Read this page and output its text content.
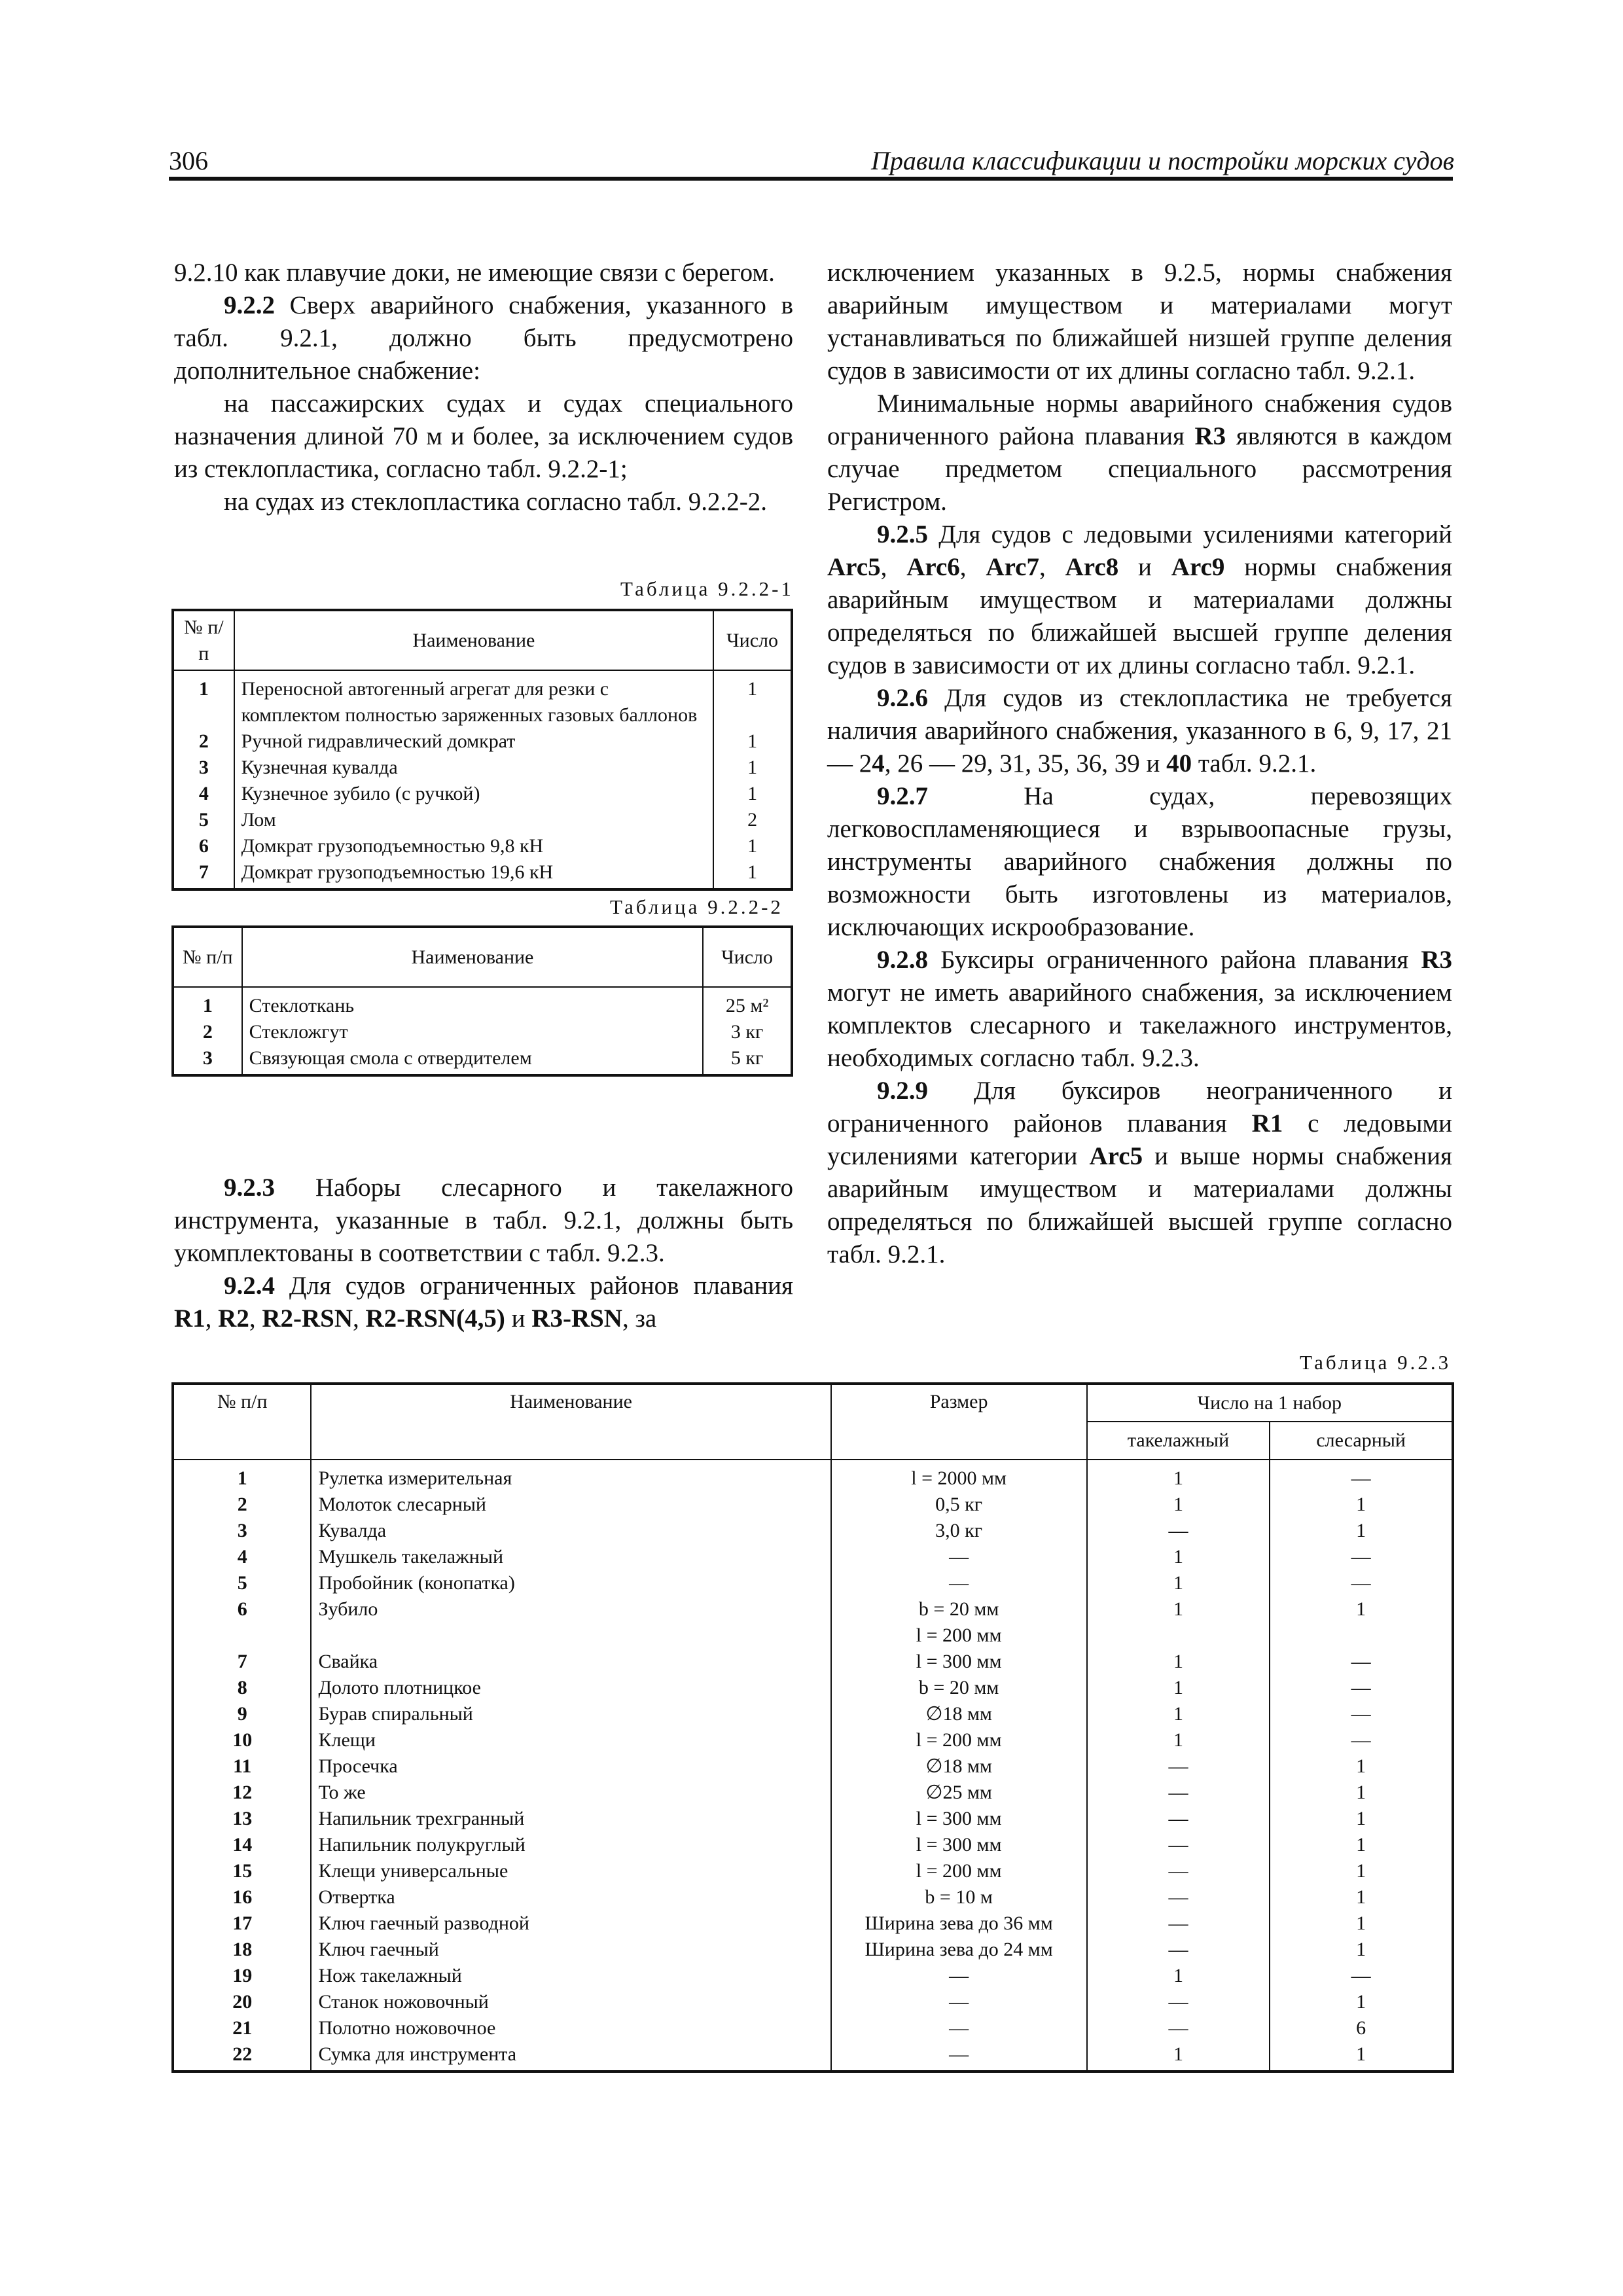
306	Правила классификации и постройки морских судов

9.2.10 как плавучие доки, не имеющие связи с берегом.

9.2.2 Сверх аварийного снабжения, указанного в табл. 9.2.1, должно быть предусмотрено дополнительное снабжение:

на пассажирских судах и судах специального назначения длиной 70 м и более, за исключением судов из стеклопластика, согласно табл. 9.2.2-1;

на судах из стеклопластика согласно табл. 9.2.2-2.

Таблица 9.2.2-1
№ п/п	Наименование	Число
1	Переносной автогенный агрегат для резки с комплектом полностью заряженных газовых баллонов	1
2	Ручной гидравлический домкрат	1
3	Кузнечная кувалда	1
4	Кузнечное зубило (с ручкой)	1
5	Лом	2
6	Домкрат грузоподъемностью 9,8 кН	1
7	Домкрат грузоподъемностью 19,6 кН	1
Таблица 9.2.2-2
№ п/п	Наименование	Число
1	Стеклоткань	25 м²
2	Стекложгут	3 кг
3	Связующая смола с отвердителем	5 кг

9.2.3 Наборы слесарного и такелажного инструмента, указанные в табл. 9.2.1, должны быть укомплектованы в соответствии с табл. 9.2.3.

9.2.4 Для судов ограниченных районов плавания R1, R2, R2-RSN, R2-RSN(4,5) и R3-RSN, за

исключением указанных в 9.2.5, нормы снабжения аварийным имуществом и материалами могут устанавливаться по ближайшей низшей группе деления судов в зависимости от их длины согласно табл. 9.2.1.

Минимальные нормы аварийного снабжения судов ограниченного района плавания R3 являются в каждом случае предметом специального рассмотрения Регистром.

9.2.5 Для судов с ледовыми усилениями категорий Arc5, Arc6, Arc7, Arc8 и Arc9 нормы снабжения аварийным имуществом и материалами должны определяться по ближайшей высшей группе деления судов в зависимости от их длины согласно табл. 9.2.1.

9.2.6 Для судов из стеклопластика не требуется наличия аварийного снабжения, указанного в 6, 9, 17, 21 — 24, 26 — 29, 31, 35, 36, 39 и 40 табл. 9.2.1.

9.2.7 На судах, перевозящих легковоспламеняющиеся и взрывоопасные грузы, инструменты аварийного снабжения должны по возможности быть изготовлены из материалов, исключающих искрообразование.

9.2.8 Буксиры ограниченного района плавания R3 могут не иметь аварийного снабжения, за исключением комплектов слесарного и такелажного инструментов, необходимых согласно табл. 9.2.3.

9.2.9 Для буксиров неограниченного и ограниченного районов плавания R1 с ледовыми усилениями категории Arc5 и выше нормы снабжения аварийным имуществом и материалами должны определяться по ближайшей высшей группе согласно табл. 9.2.1.

Таблица 9.2.3
№ п/п	Наименование	Размер	Число на 1 набор	
			такелажный	слесарный
1	Рулетка измерительная	l = 2000 мм	1	—
2	Молоток слесарный	0,5 кг	1	1
3	Кувалда	3,0 кг	—	1
4	Мушкель такелажный	—	1	—
5	Пробойник (конопатка)	—	1	—
6	Зубило	b = 20 мм
l = 200 мм	1	1
7	Свайка	l = 300 мм	1	—
8	Долото плотницкое	b = 20 мм	1	—
9	Бурав спиральный	∅18 мм	1	—
10	Клещи	l = 200 мм	1	—
11	Просечка	∅18 мм	—	1
12	То же	∅25 мм	—	1
13	Напильник трехгранный	l = 300 мм	—	1
14	Напильник полукруглый	l = 300 мм	—	1
15	Клещи универсальные	l = 200 мм	—	1
16	Отвертка	b = 10 м	—	1
17	Ключ гаечный разводной	Ширина зева до 36 мм	—	1
18	Ключ гаечный	Ширина зева до 24 мм	—	1
19	Нож такелажный	—	1	—
20	Станок ножовочный	—	—	1
21	Полотно ножовочное	—	—	6
22	Сумка для инструмента	—	1	1
